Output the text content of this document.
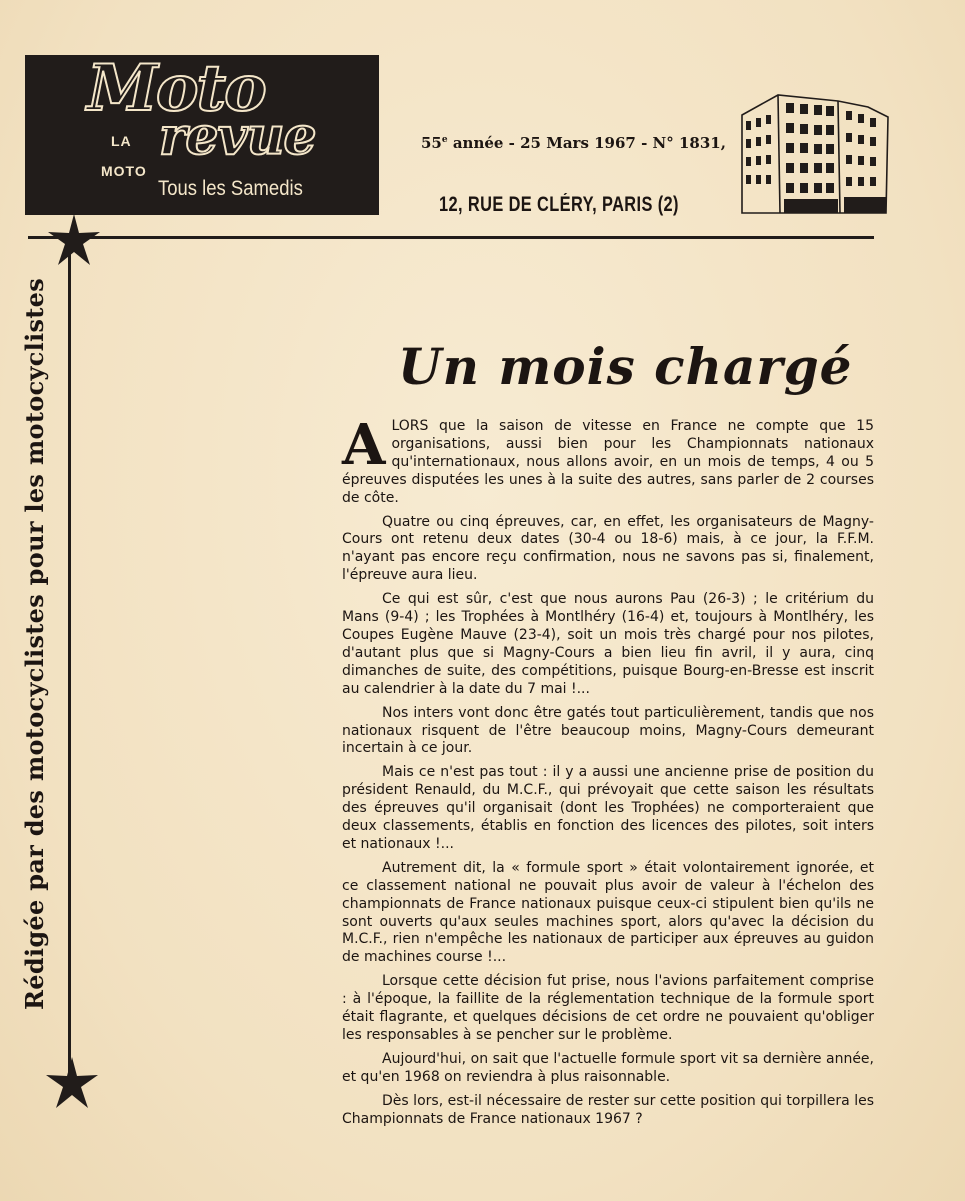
Moto
revue
LA
MOTO
Tous les Samedis
55e année - 25 Mars 1967 - N° 1831,
12, RUE DE CLÉRY, PARIS (2)
Rédigée par des motocyclistes pour les motocyclistes	Un mois chargé

ALORS que la saison de vitesse en France ne compte que 15 organisations, aussi bien pour les Championnats nationaux qu'internationaux, nous allons avoir, en un mois de temps, 4 ou 5 épreuves disputées les unes à la suite des autres, sans parler de 2 courses de côte.

Quatre ou cinq épreuves, car, en effet, les organisateurs de Magny-Cours ont retenu deux dates (30-4 ou 18-6) mais, à ce jour, la F.F.M. n'ayant pas encore reçu confirmation, nous ne savons pas si, finalement, l'épreuve aura lieu.

Ce qui est sûr, c'est que nous aurons Pau (26-3) ; le critérium du Mans (9-4) ; les Trophées à Montlhéry (16-4) et, toujours à Montlhéry, les Coupes Eugène Mauve (23-4), soit un mois très chargé pour nos pilotes, d'autant plus que si Magny-Cours a bien lieu fin avril, il y aura, cinq dimanches de suite, des compétitions, puisque Bourg-en-Bresse est inscrit au calendrier à la date du 7 mai !...

Nos inters vont donc être gatés tout particulièrement, tandis que nos nationaux risquent de l'être beaucoup moins, Magny-Cours demeurant incertain à ce jour.

Mais ce n'est pas tout : il y a aussi une ancienne prise de position du président Renauld, du M.C.F., qui prévoyait que cette saison les résultats des épreuves qu'il organisait (dont les Trophées) ne comporteraient que deux classements, établis en fonction des licences des pilotes, soit inters et nationaux !...

Autrement dit, la « formule sport » était volontairement ignorée, et ce classement national ne pouvait plus avoir de valeur à l'échelon des championnats de France nationaux puisque ceux-ci stipulent bien qu'ils ne sont ouverts qu'aux seules machines sport, alors qu'avec la décision du M.C.F., rien n'empêche les nationaux de participer aux épreuves au guidon de machines course !...

Lorsque cette décision fut prise, nous l'avions parfaitement comprise : à l'époque, la faillite de la réglementation technique de la formule sport était flagrante, et quelques décisions de cet ordre ne pouvaient qu'obliger les responsables à se pencher sur le problème.

Aujourd'hui, on sait que l'actuelle formule sport vit sa dernière année, et qu'en 1968 on reviendra à plus raisonnable.

Dès lors, est-il nécessaire de rester sur cette position qui torpillera les Championnats de France nationaux 1967 ?
